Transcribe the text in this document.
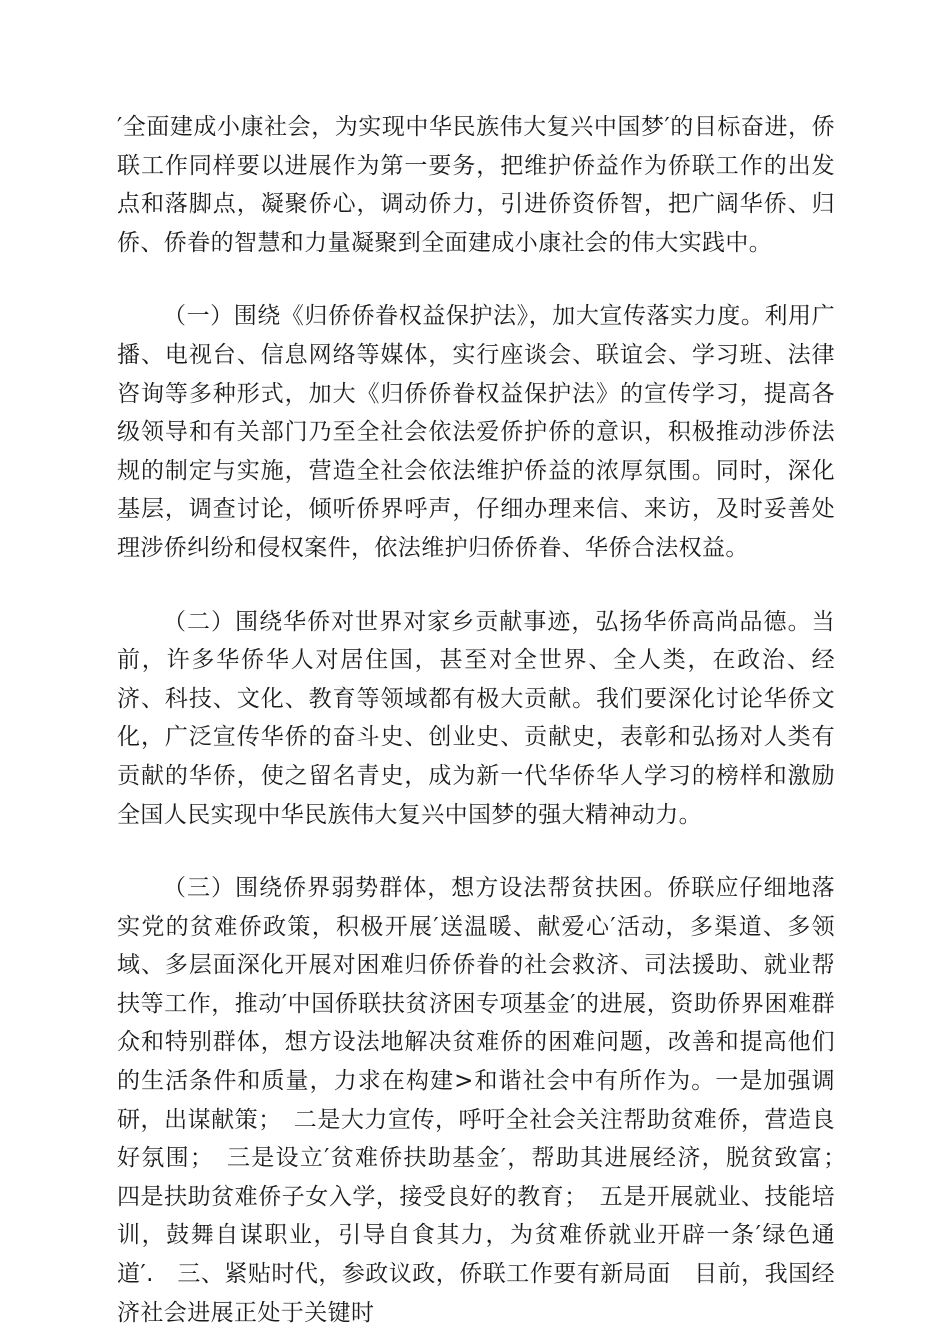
′全面建成小康社会，为实现中华民族伟大复兴中国梦′的目标奋进，侨联工作同样要以进展作为第一要务，把维护侨益作为侨联工作的出发点和落脚点，凝聚侨心，调动侨力，引进侨资侨智，把广阔华侨、归侨、侨眷的智慧和力量凝聚到全面建成小康社会的伟大实践中。

（一）围绕《归侨侨眷权益保护法》，加大宣传落实力度。利用广播、电视台、信息网络等媒体，实行座谈会、联谊会、学习班、法律咨询等多种形式，加大《归侨侨眷权益保护法》的宣传学习，提高各级领导和有关部门乃至全社会依法爱侨护侨的意识，积极推动涉侨法规的制定与实施，营造全社会依法维护侨益的浓厚氛围。同时，深化基层，调查讨论，倾听侨界呼声，仔细办理来信、来访，及时妥善处理涉侨纠纷和侵权案件，依法维护归侨侨眷、华侨合法权益。

（二）围绕华侨对世界对家乡贡献事迹，弘扬华侨高尚品德。当前，许多华侨华人对居住国，甚至对全世界、全人类，在政治、经济、科技、文化、教育等领域都有极大贡献。我们要深化讨论华侨文化，广泛宣传华侨的奋斗史、创业史、贡献史，表彰和弘扬对人类有贡献的华侨，使之留名青史，成为新一代华侨华人学习的榜样和激励全国人民实现中华民族伟大复兴中国梦的强大精神动力。

（三）围绕侨界弱势群体，想方设法帮贫扶困。侨联应仔细地落实党的贫难侨政策，积极开展′送温暖、献爱心′活动，多渠道、多领域、多层面深化开展对困难归侨侨眷的社会救济、司法援助、就业帮扶等工作，推动′中国侨联扶贫济困专项基金′的进展，资助侨界困难群众和特别群体，想方设法地解决贫难侨的困难问题，改善和提高他们的生活条件和质量，力求在构建>和谐社会中有所作为。一是加强调研，出谋献策；　二是大力宣传，呼吁全社会关注帮助贫难侨，营造良好氛围；　三是设立′贫难侨扶助基金′，帮助其进展经济，脱贫致富；　四是扶助贫难侨子女入学，接受良好的教育；　五是开展就业、技能培训，鼓舞自谋职业，引导自食其力，为贫难侨就业开辟一条′绿色通道′.　三、紧贴时代，参政议政，侨联工作要有新局面　目前，我国经济社会进展正处于关键时
